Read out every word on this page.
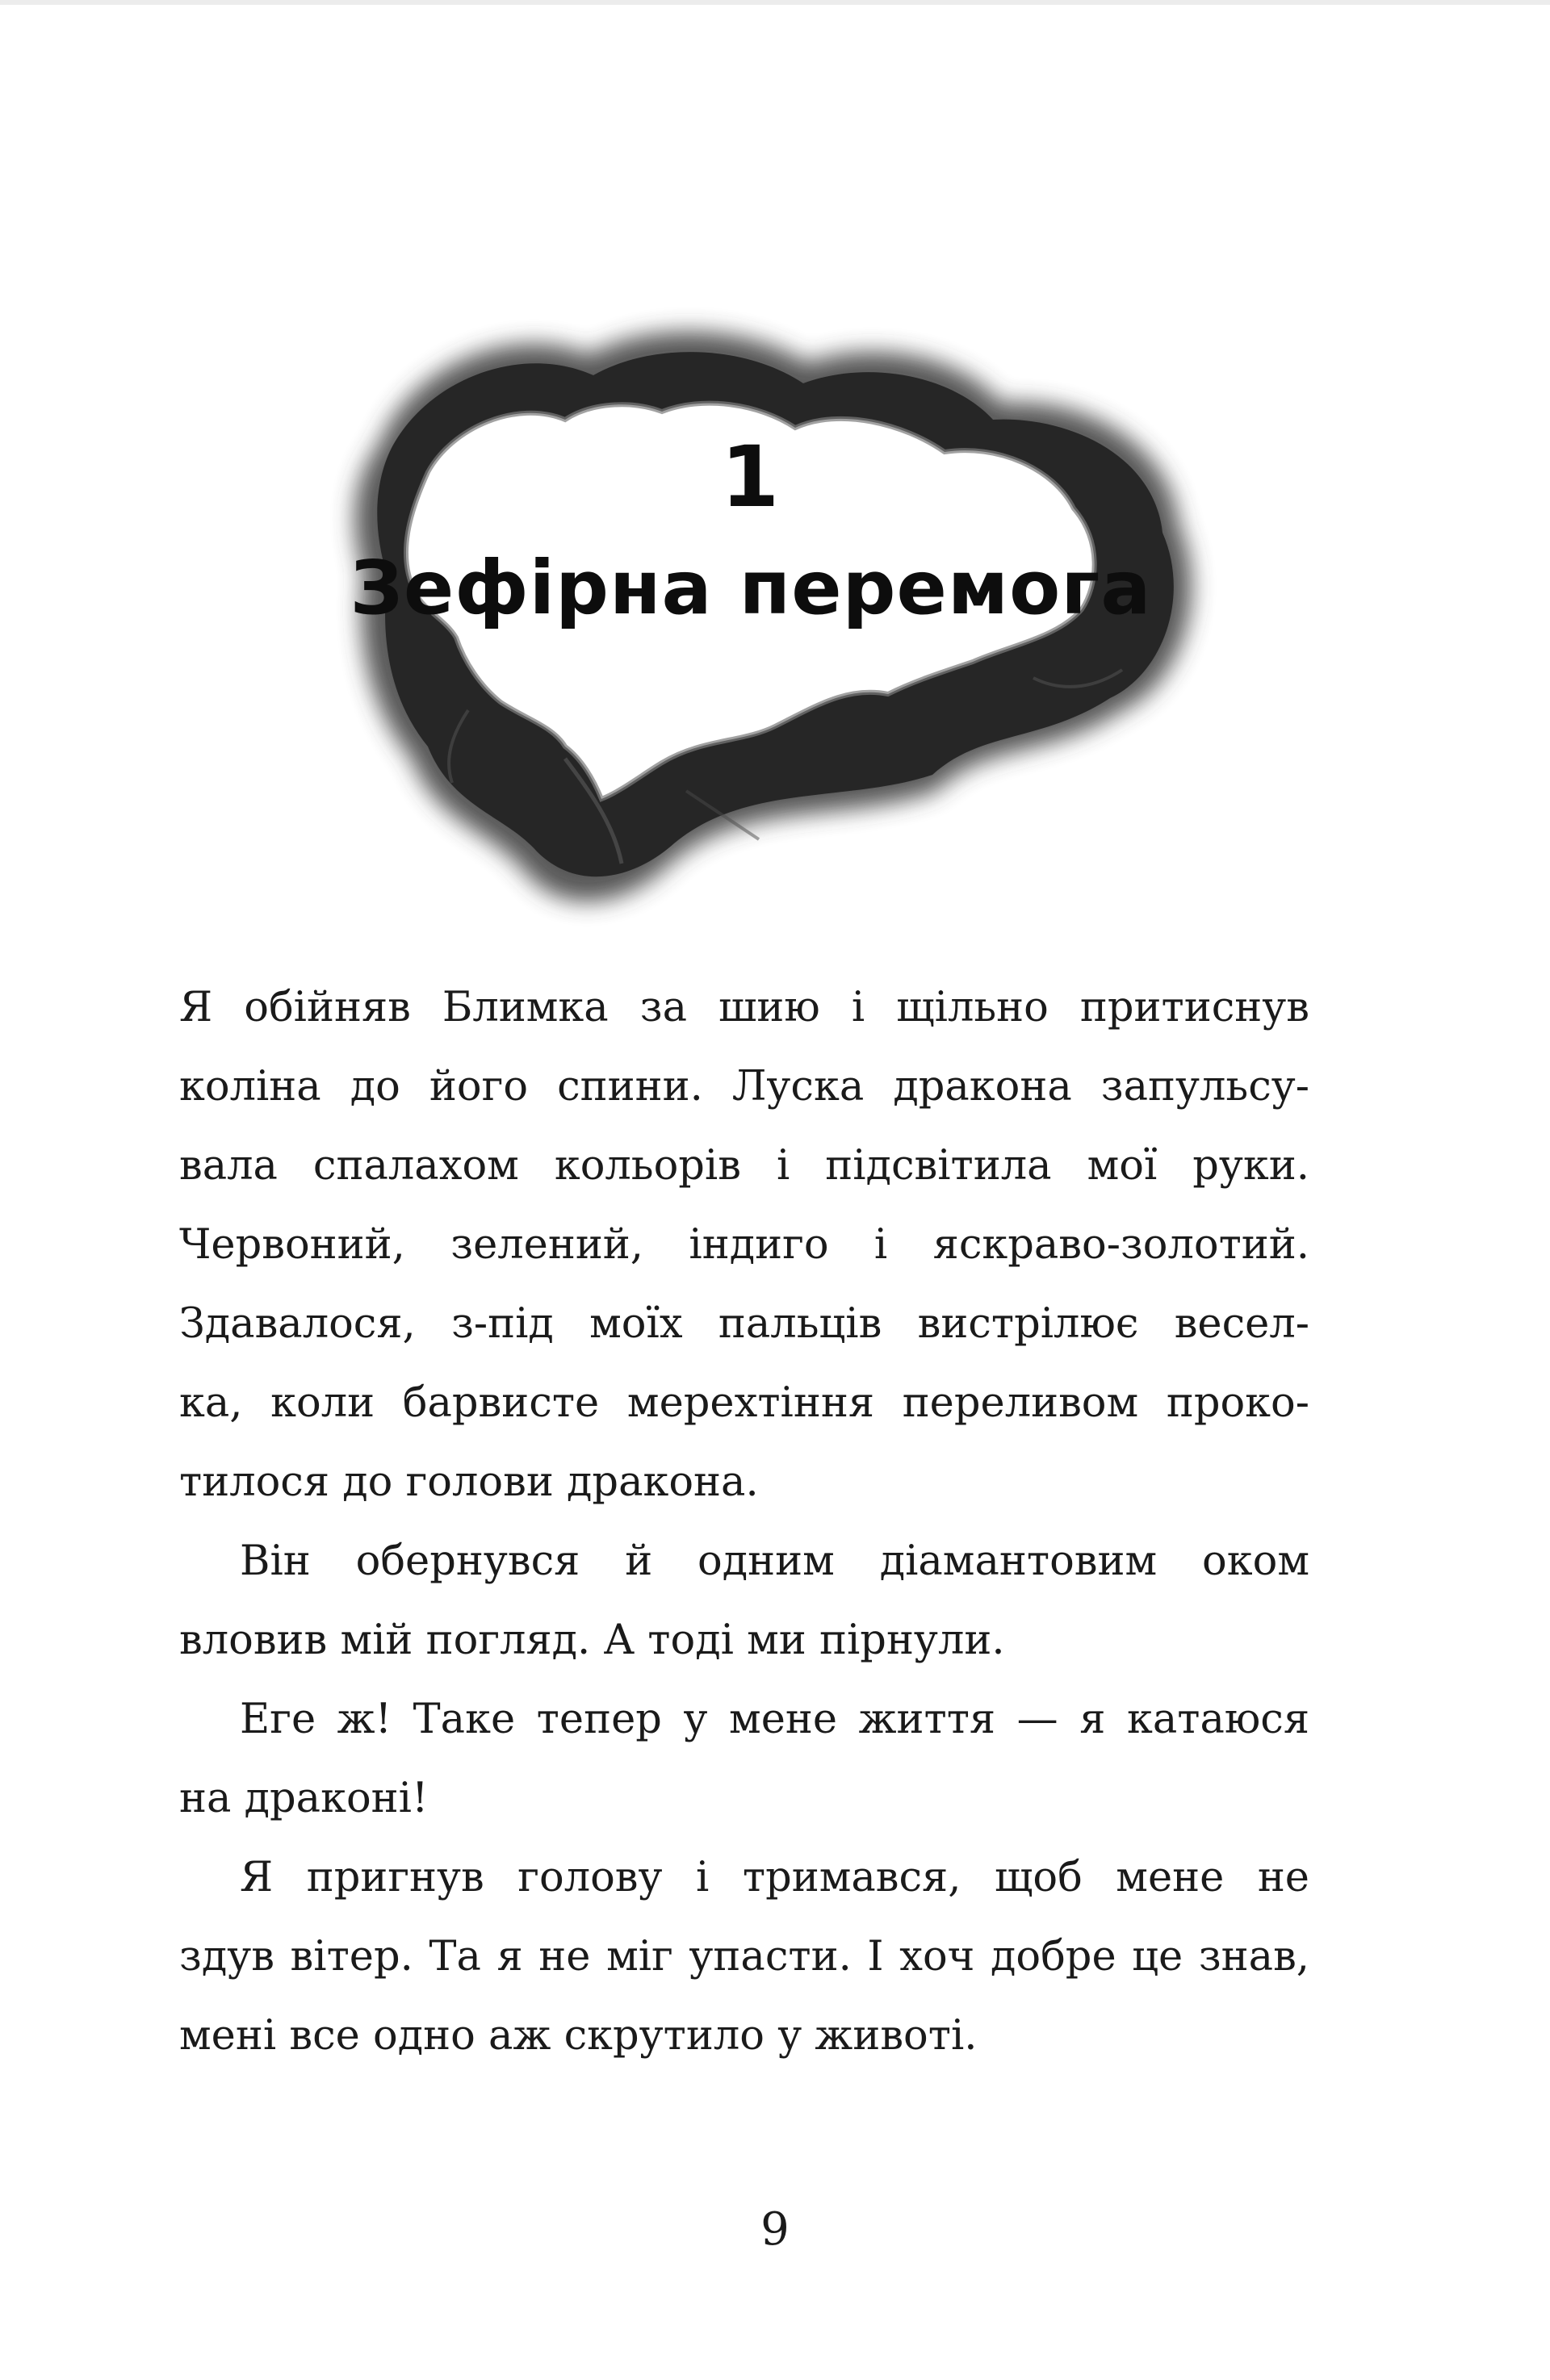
1
Зефірна перемога
Я обійняв Блимка за шию і щільно притиснув
коліна до його спини. Луска дракона запульсу-
вала спалахом кольорів і підсвітила мої руки.
Червоний, зелений, індиго і яскраво-золотий.
Здавалося, з-під моїх пальців вистрілює весел-
ка, коли барвисте мерехтіння переливом проко-
тилося до голови дракона.
Він обернувся й одним діамантовим оком
вловив мій погляд. А тоді ми пірнули.
Еге ж! Таке тепер у мене життя — я катаюся
на драконі!
Я пригнув голову і тримався, щоб мене не
здув вітер. Та я не міг упасти. І хоч добре це знав,
мені все одно аж скрутило у животі.
9
